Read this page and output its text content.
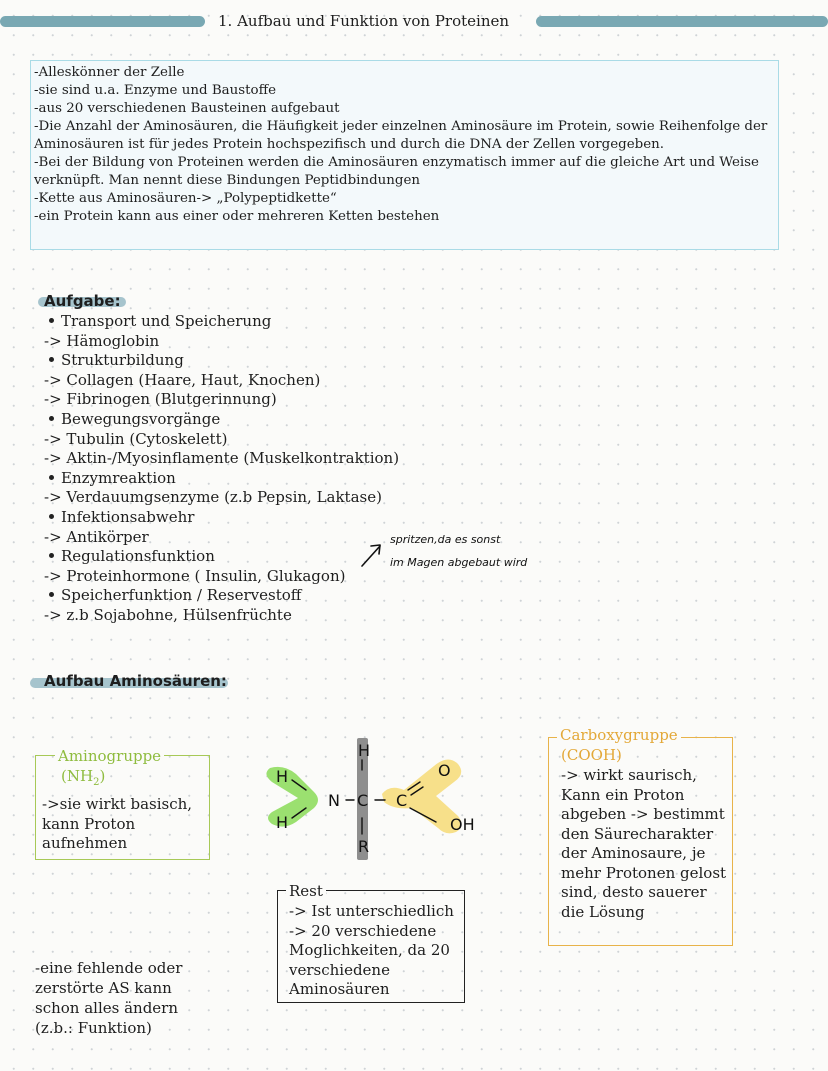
1. Aufbau und Funktion von Proteinen
-Alleskönner der Zelle
-sie sind u.a. Enzyme und Baustoffe
-aus 20 verschiedenen Bausteinen aufgebaut
-Die Anzahl der Aminosäuren, die Häufigkeit jeder einzelnen Aminosäure im Protein, sowie Reihenfolge der Aminosäuren ist für jedes Protein hochspezifisch und durch die DNA der Zellen vorgegeben.
-Bei der Bildung von Proteinen werden die Aminosäuren enzymatisch immer auf die gleiche Art und Weise verknüpft. Man nennt diese Bindungen Peptidbindungen
-Kette aus Aminosäuren-> „Polypeptidkette“
-ein Protein kann aus einer oder mehreren Ketten bestehen
Aufgabe:
Transport und Speicherung
-> Hämoglobin
Strukturbildung
-> Collagen (Haare, Haut, Knochen)
-> Fibrinogen (Blutgerinnung)
Bewegungsvorgänge
-> Tubulin (Cytoskelett)
-> Aktin-/Myosinflamente (Muskelkontraktion)
Enzymreaktion
-> Verdauumgsenzyme (z.b Pepsin, Laktase)
Infektionsabwehr
-> Antikörper
Regulationsfunktion
-> Proteinhormone ( Insulin, Glukagon)
Speicherfunktion / Reservestoff
-> z.b Sojabohne, Hülsenfrüchte
spritzen,da es sonst
im Magen abgebaut wird
Aufbau Aminosäuren:
Aminogruppe
$(NH_2)$
->sie wirkt basisch, kann Proton aufnehmen
Carboxygruppe
(COOH)
-> wirkt saurisch, Kann ein Proton abgeben -> bestimmt den Säurecharakter der Aminosaure, je mehr Protonen gelost sind, desto sauerer die Lösung
Rest
-> Ist unterschiedlich -> 20 verschiedene Moglichkeiten, da 20 verschiedene Aminosäuren
H
H
H
N C C
O
OH
R
-eine fehlende oder zerstörte AS kann schon alles ändern (z.b.: Funktion)
